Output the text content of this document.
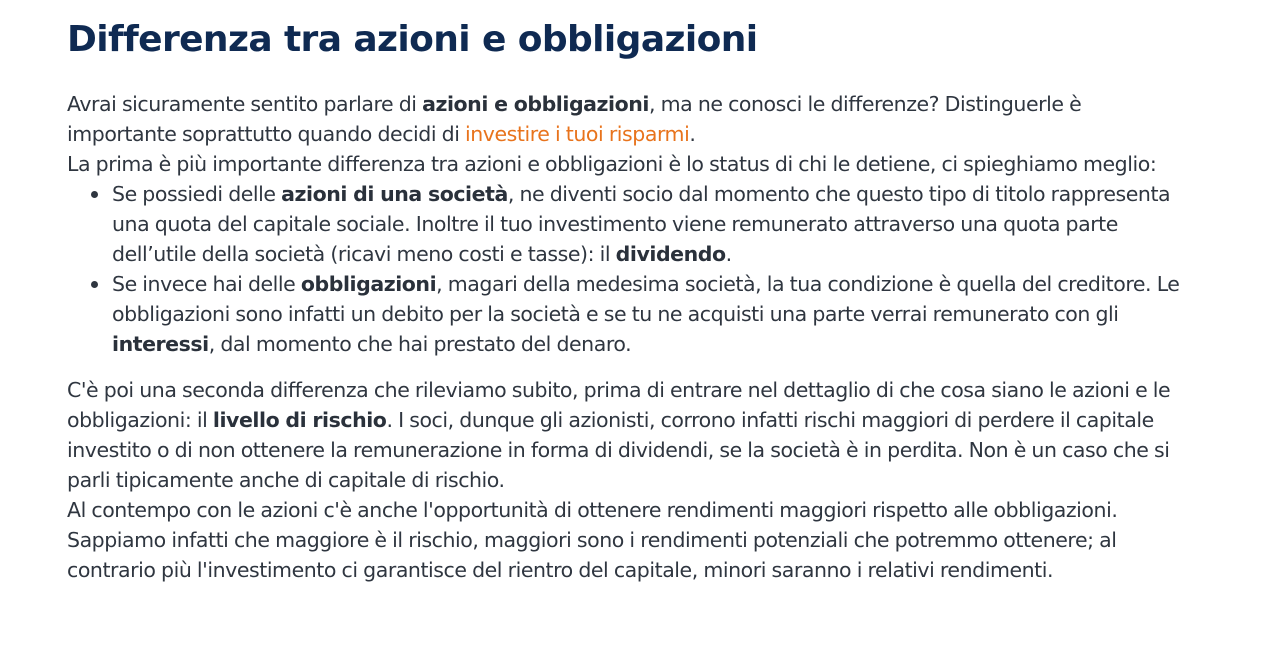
Differenza tra azioni e obbligazioni

Avrai sicuramente sentito parlare di azioni e obbligazioni, ma ne conosci le differenze? Distinguerle è importante soprattutto quando decidi di investire i tuoi risparmi.

La prima è più importante differenza tra azioni e obbligazioni è lo status di chi le detiene, ci spieghiamo meglio:

Se possiedi delle azioni di una società, ne diventi socio dal momento che questo tipo di titolo rappresenta una quota del capitale sociale. Inoltre il tuo investimento viene remunerato attraverso una quota parte dell’utile della società (ricavi meno costi e tasse): il dividendo.
Se invece hai delle obbligazioni, magari della medesima società, la tua condizione è quella del creditore. Le obbligazioni sono infatti un debito per la società e se tu ne acquisti una parte verrai remunerato con gli interessi, dal momento che hai prestato del denaro.

C'è poi una seconda differenza che rileviamo subito, prima di entrare nel dettaglio di che cosa siano le azioni e le obbligazioni: il livello di rischio. I soci, dunque gli azionisti, corrono infatti rischi maggiori di perdere il capitale investito o di non ottenere la remunerazione in forma di dividendi, se la società è in perdita. Non è un caso che si parli tipicamente anche di capitale di rischio.

Al contempo con le azioni c'è anche l'opportunità di ottenere rendimenti maggiori rispetto alle obbligazioni. Sappiamo infatti che maggiore è il rischio, maggiori sono i rendimenti potenziali che potremmo ottenere; al contrario più l'investimento ci garantisce del rientro del capitale, minori saranno i relativi rendimenti.
